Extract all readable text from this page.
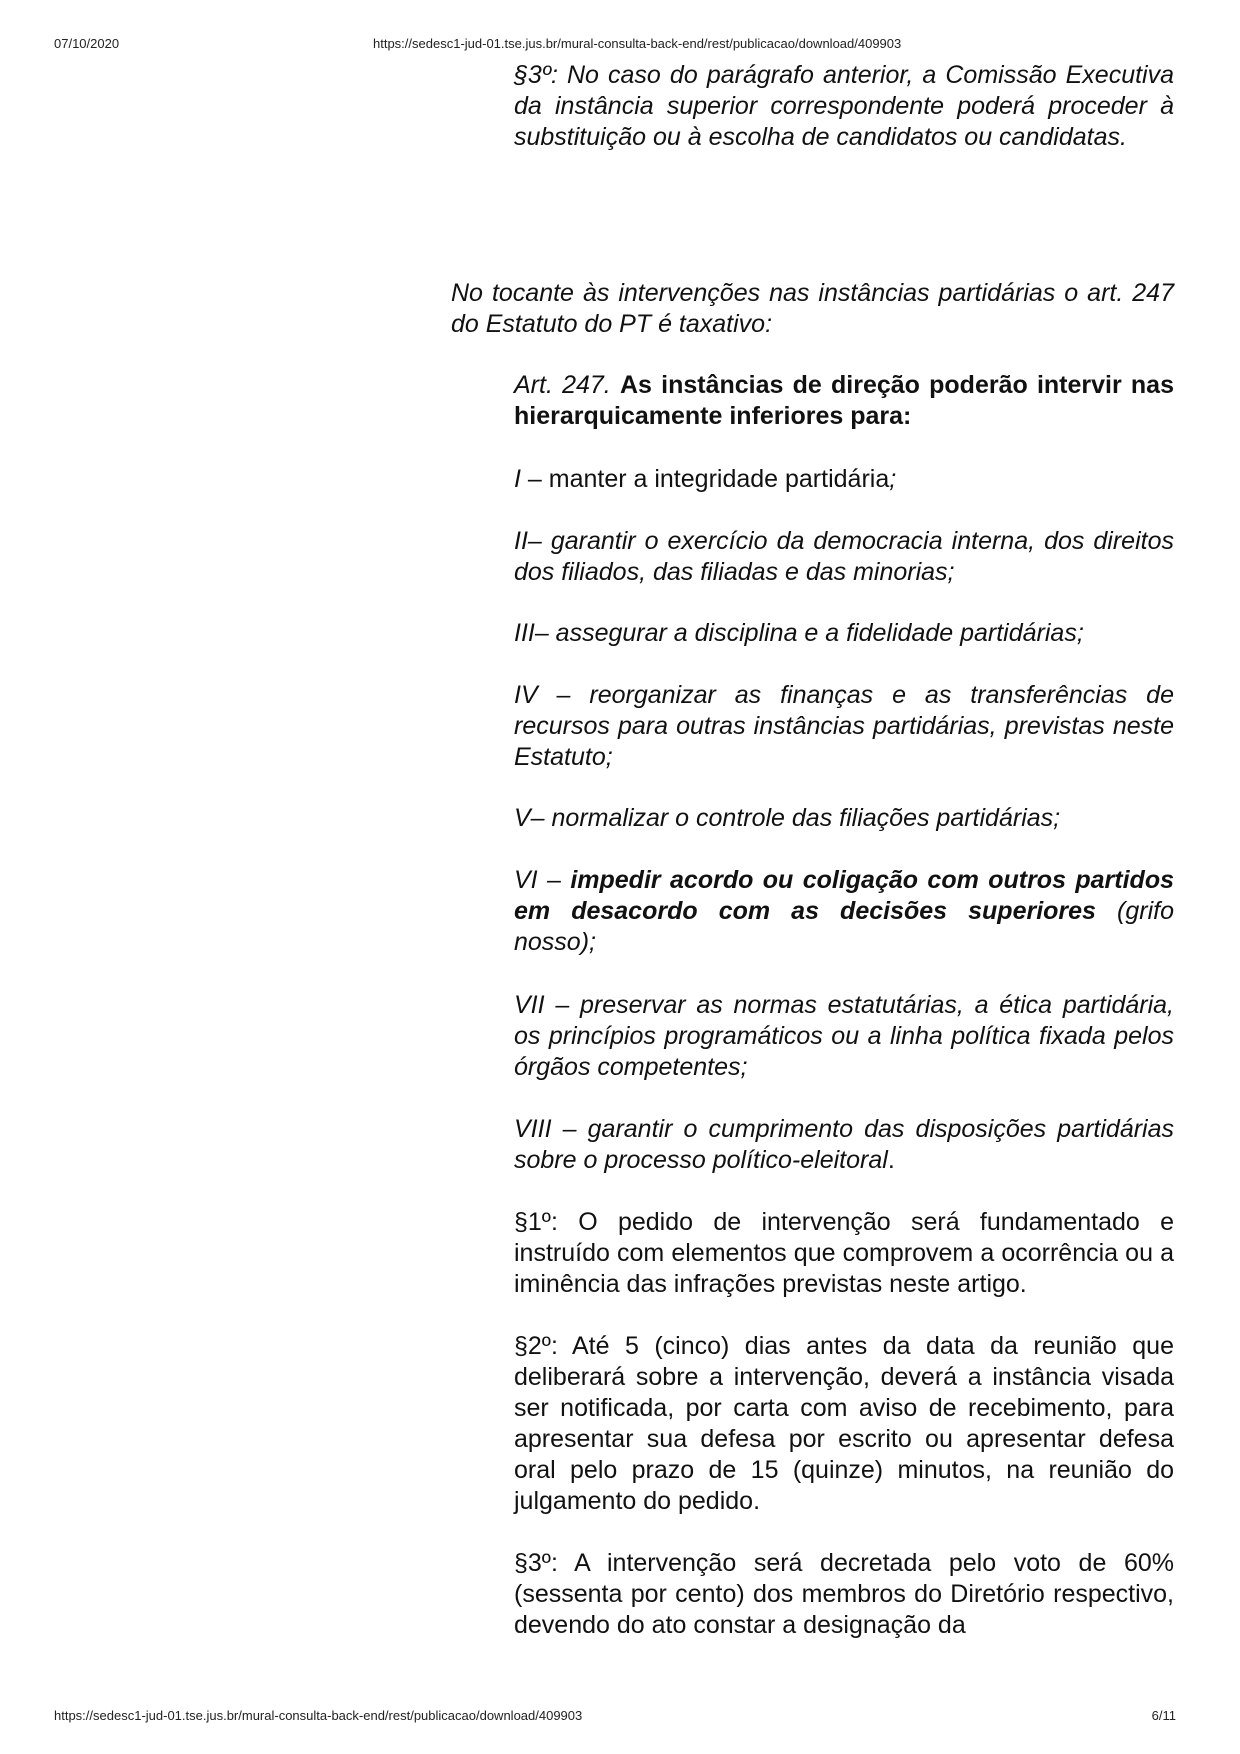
07/10/2020	https://sedesc1-jud-01.tse.jus.br/mural-consulta-back-end/rest/publicacao/download/409903

§3º: No caso do parágrafo anterior, a Comissão Executiva da instância superior correspondente poderá proceder à substituição ou à escolha de candidatos ou candidatas.

No tocante às intervenções nas instâncias partidárias o art. 247 do Estatuto do PT é taxativo:

Art. 247. As instâncias de direção poderão intervir nas hierarquicamente inferiores para:

I – manter a integridade partidária;

II– garantir o exercício da democracia interna, dos direitos dos filiados, das filiadas e das minorias;

III– assegurar a disciplina e a fidelidade partidárias;

IV – reorganizar as finanças e as transferências de recursos para outras instâncias partidárias, previstas neste Estatuto;

V– normalizar o controle das filiações partidárias;

VI – impedir acordo ou coligação com outros partidos em desacordo com as decisões superiores (grifo nosso);

VII – preservar as normas estatutárias, a ética partidária, os princípios programáticos ou a linha política fixada pelos órgãos competentes;

VIII – garantir o cumprimento das disposições partidárias sobre o processo político-eleitoral.

§1º: O pedido de intervenção será fundamentado e instruído com elementos que comprovem a ocorrência ou a iminência das infrações previstas neste artigo.

§2º: Até 5 (cinco) dias antes da data da reunião que deliberará sobre a intervenção, deverá a instância visada ser notificada, por carta com aviso de recebimento, para apresentar sua defesa por escrito ou apresentar defesa oral pelo prazo de 15 (quinze) minutos, na reunião do julgamento do pedido.

§3º: A intervenção será decretada pelo voto de 60% (sessenta por cento) dos membros do Diretório respectivo, devendo do ato constar a designação da

https://sedesc1-jud-01.tse.jus.br/mural-consulta-back-end/rest/publicacao/download/409903	6/11
